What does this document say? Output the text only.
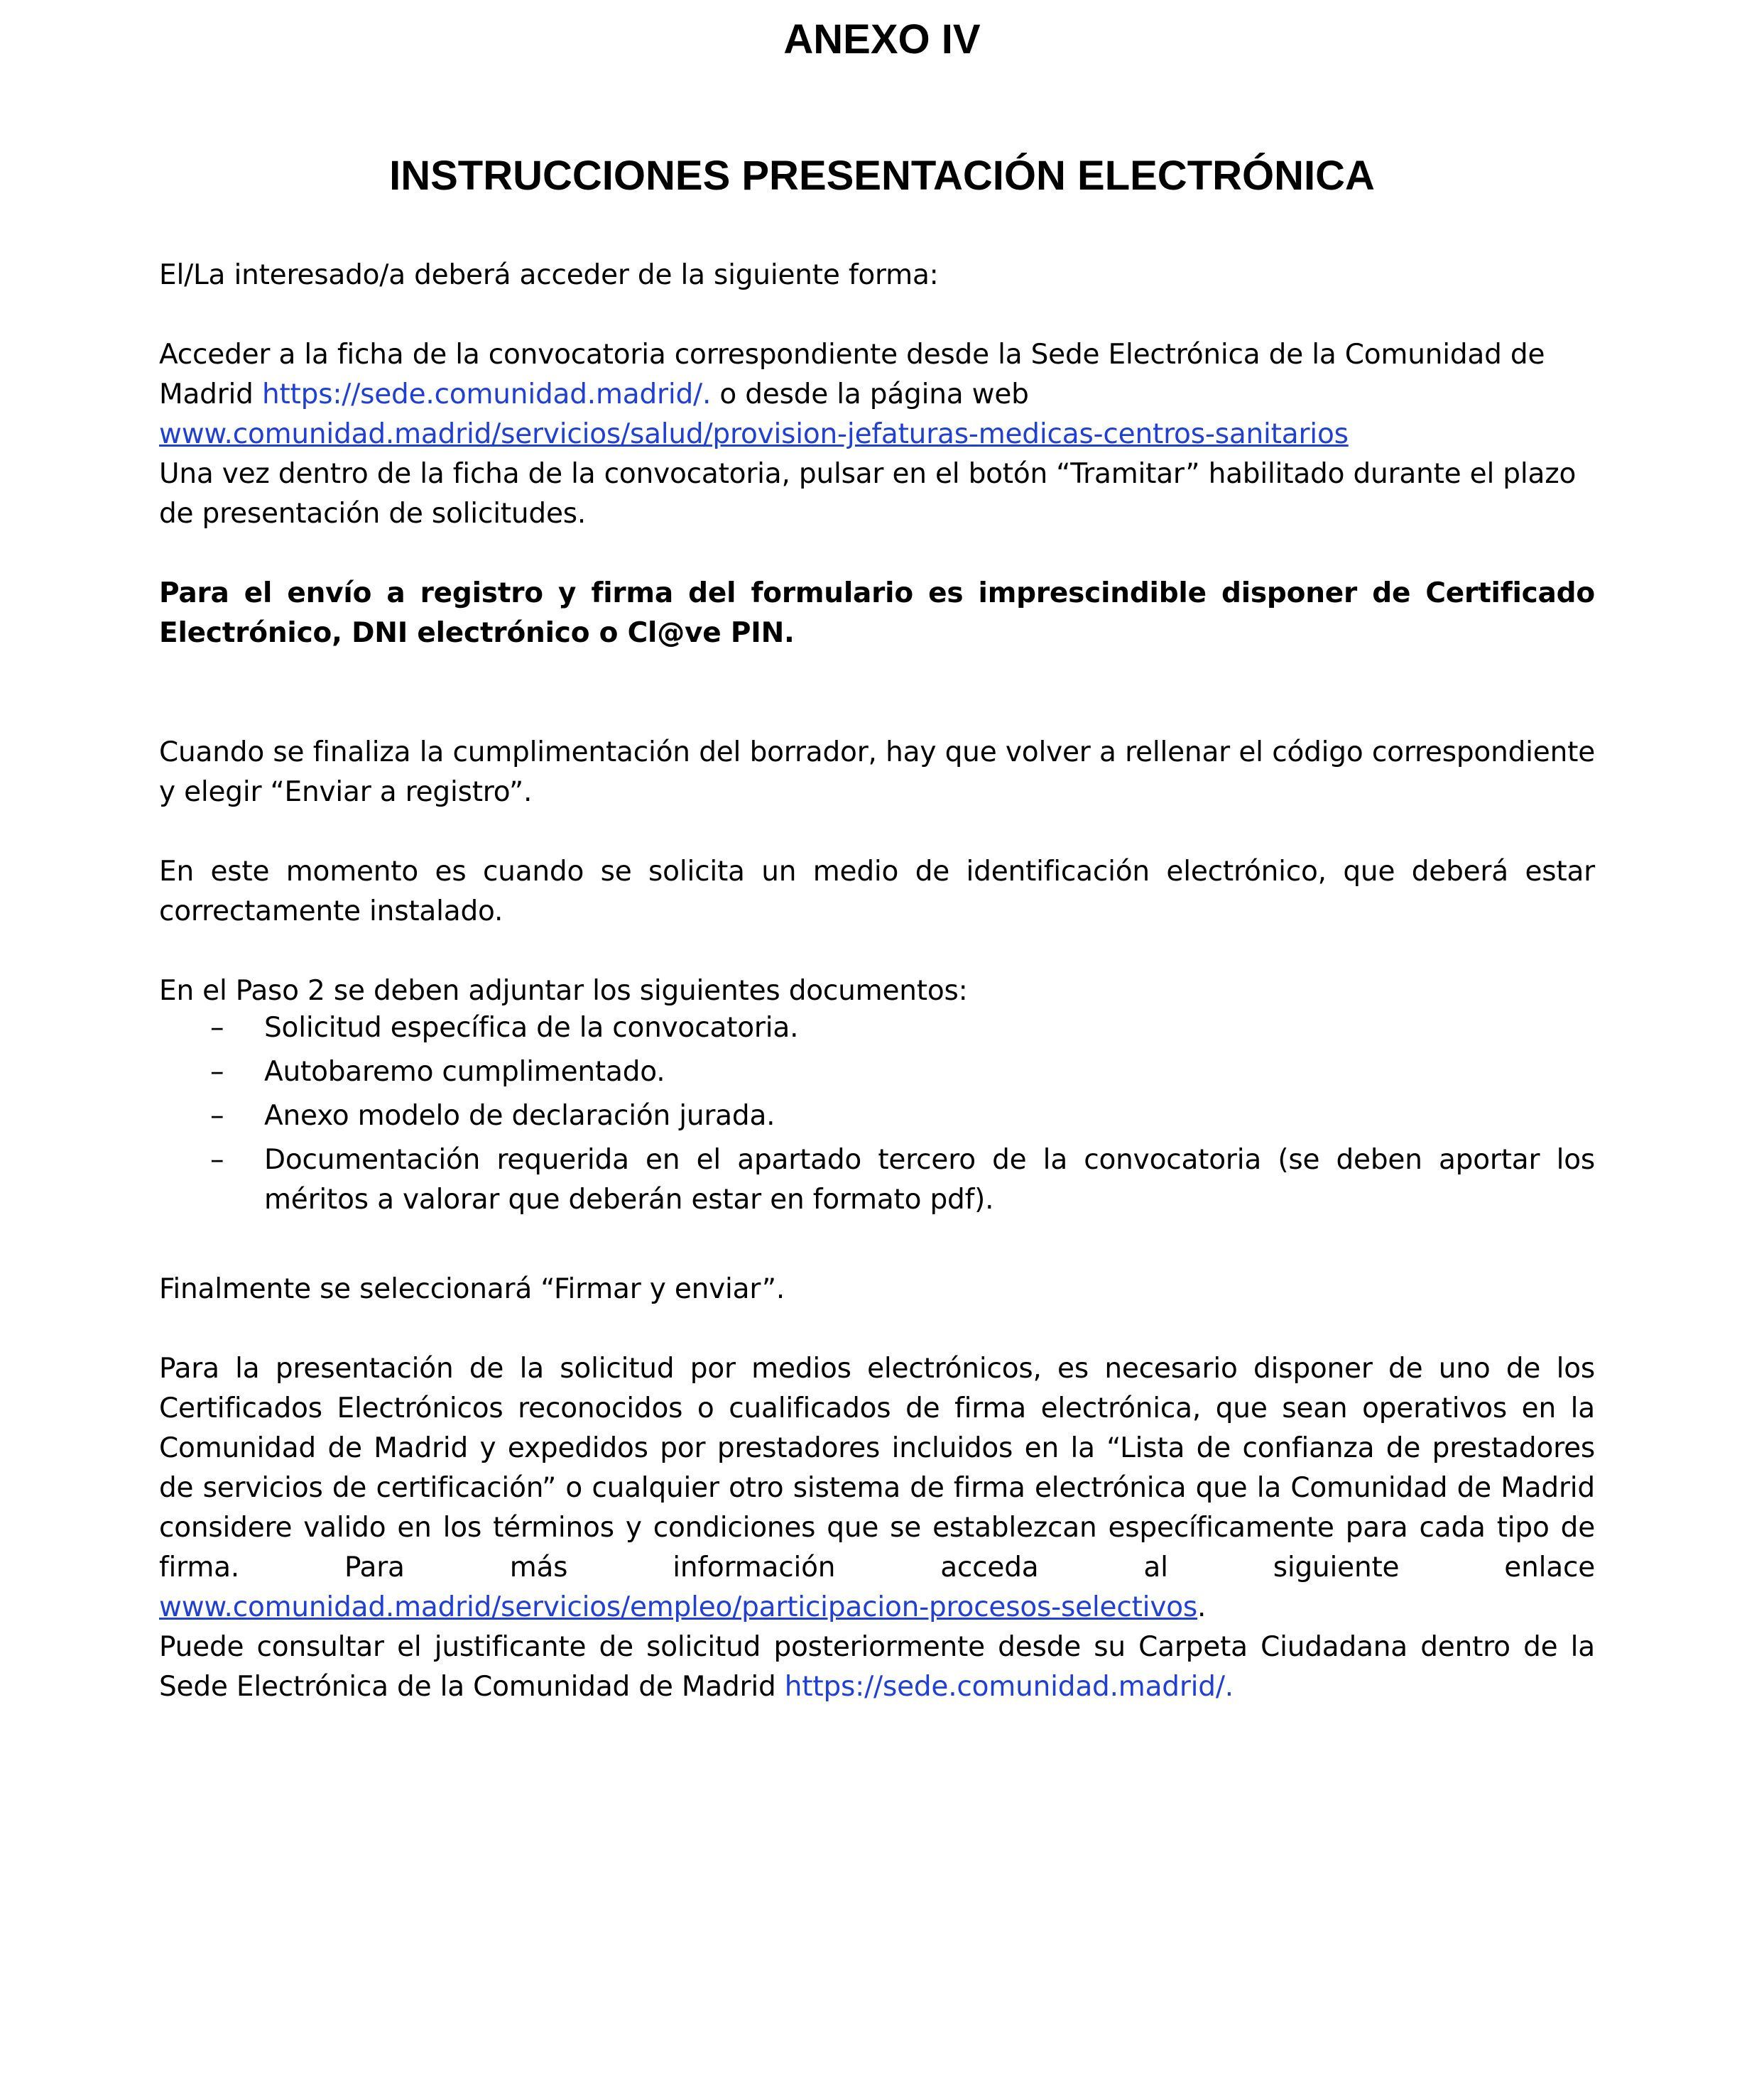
ANEXO IV
INSTRUCCIONES PRESENTACIÓN ELECTRÓNICA

El/La interesado/a deberá acceder de la siguiente forma:

Acceder a la ficha de la convocatoria correspondiente desde la Sede Electrónica de la Comunidad de Madrid https://sede.comunidad.madrid/. o desde la página web
www.comunidad.madrid/servicios/salud/provision-jefaturas-medicas-centros-sanitarios
Una vez dentro de la ficha de la convocatoria, pulsar en el botón “Tramitar” habilitado durante el plazo de presentación de solicitudes.

Para el envío a registro y firma del formulario es imprescindible disponer de Certificado Electrónico, DNI electrónico o Cl@ve PIN.

Cuando se finaliza la cumplimentación del borrador, hay que volver a rellenar el código correspondiente y elegir “Enviar a registro”.

En este momento es cuando se solicita un medio de identificación electrónico, que deberá estar correctamente instalado.

En el Paso 2 se deben adjuntar los siguientes documentos:

– Solicitud específica de la convocatoria.
– Autobaremo cumplimentado.
– Anexo modelo de declaración jurada.
– Documentación requerida en el apartado tercero de la convocatoria (se deben aportar los méritos a valorar que deberán estar en formato pdf).

Finalmente se seleccionará “Firmar y enviar”.

Para la presentación de la solicitud por medios electrónicos, es necesario disponer de uno de los Certificados Electrónicos reconocidos o cualificados de firma electrónica, que sean operativos en la Comunidad de Madrid y expedidos por prestadores incluidos en la “Lista de confianza de prestadores de servicios de certificación” o cualquier otro sistema de firma electrónica que la Comunidad de Madrid considere valido en los términos y condiciones que se establezcan específicamente para cada tipo de firma. Para más información acceda al siguiente enlace www.comunidad.madrid/servicios/empleo/participacion-procesos-selectivos.

Puede consultar el justificante de solicitud posteriormente desde su Carpeta Ciudadana dentro de la Sede Electrónica de la Comunidad de Madrid https://sede.comunidad.madrid/.
